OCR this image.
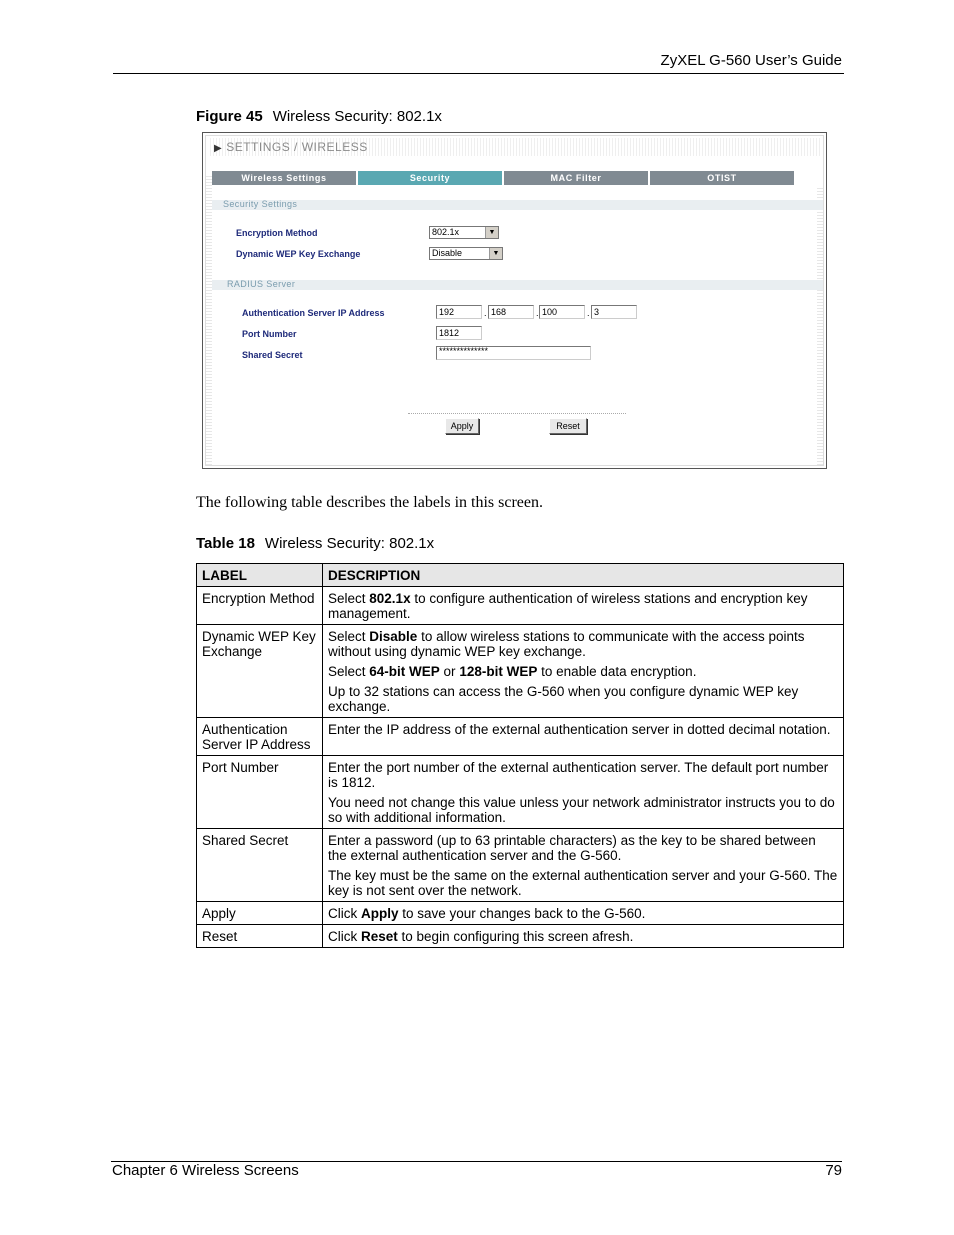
ZyXEL G-560 User’s Guide
Figure 45 Wireless Security: 802.1x
▶ SETTINGS / WIRELESS
Wireless Settings	Security	MAC Filter	OTIST
Security Settings
Encryption Method	802.1x	▼
Dynamic WEP Key Exchange	Disable	▼
RADIUS Server
Authentication Server IP Address	192	. 168	. 100	. 3
Port Number	1812
Shared Secret	**************
Apply	Reset
The following table describes the labels in this screen.
Table 18 Wireless Security: 802.1x
LABEL	DESCRIPTION
Encryption Method	Select 802.1x to configure authentication of wireless stations and encryption key management.

Dynamic WEP Key Exchange	Select Disable to allow wireless stations to communicate with the access points without using dynamic WEP key exchange.

Select 64-bit WEP or 128-bit WEP to enable data encryption.

Up to 32 stations can access the G-560 when you configure dynamic WEP key exchange.

Authentication Server IP Address	Enter the IP address of the external authentication server in dotted decimal notation.

Port Number	Enter the port number of the external authentication server. The default port number is 1812.

You need not change this value unless your network administrator instructs you to do so with additional information.

Shared Secret	Enter a password (up to 63 printable characters) as the key to be shared between the external authentication server and the G-560.

The key must be the same on the external authentication server and your G-560. The key is not sent over the network.

Apply	Click Apply to save your changes back to the G-560.

Reset	Click Reset to begin configuring this screen afresh.

Chapter 6 Wireless Screens	79
